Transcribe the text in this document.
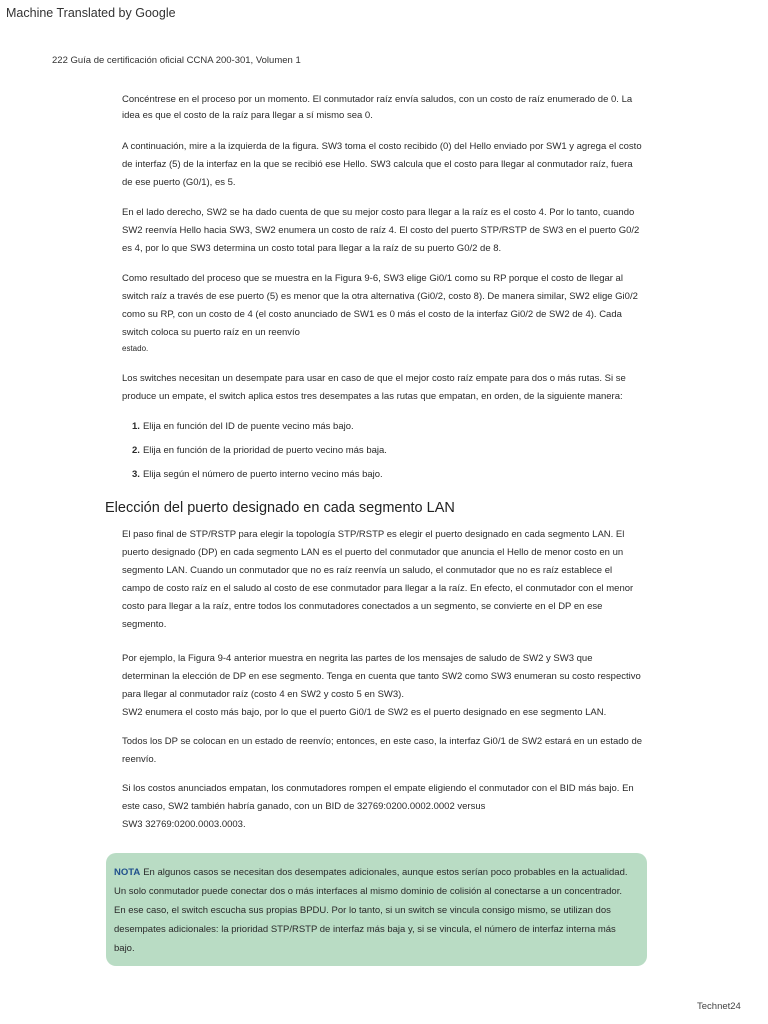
Machine Translated by Google
222 Guía de certificación oficial CCNA 200-301, Volumen 1

Concéntrese en el proceso por un momento. El conmutador raíz envía saludos, con un costo de raíz enumerado de 0. La idea es que el costo de la raíz para llegar a sí mismo sea 0.

A continuación, mire a la izquierda de la figura. SW3 toma el costo recibido (0) del Hello enviado por SW1 y agrega el costo de interfaz (5) de la interfaz en la que se recibió ese Hello. SW3 calcula que el costo para llegar al conmutador raíz, fuera de ese puerto (G0/1), es 5.

En el lado derecho, SW2 se ha dado cuenta de que su mejor costo para llegar a la raíz es el costo 4. Por lo tanto, cuando SW2 reenvía Hello hacia SW3, SW2 enumera un costo de raíz 4. El costo del puerto STP/RSTP de SW3 en el puerto G0/2 es 4, por lo que SW3 determina un costo total para llegar a la raíz de su puerto G0/2 de 8.

Como resultado del proceso que se muestra en la Figura 9-6, SW3 elige Gi0/1 como su RP porque el costo de llegar al switch raíz a través de ese puerto (5) es menor que la otra alternativa (Gi0/2, costo 8). De manera similar, SW2 elige Gi0/2 como su RP, con un costo de 4 (el costo anunciado de SW1 es 0 más el costo de la interfaz Gi0/2 de SW2 de 4). Cada switch coloca su puerto raíz en un reenvío

estado.

Los switches necesitan un desempate para usar en caso de que el mejor costo raíz empate para dos o más rutas. Si se produce un empate, el switch aplica estos tres desempates a las rutas que empatan, en orden, de la siguiente manera:

1. Elija en función del ID de puente vecino más bajo.
2. Elija en función de la prioridad de puerto vecino más baja.
3. Elija según el número de puerto interno vecino más bajo.
Elección del puerto designado en cada segmento LAN

El paso final de STP/RSTP para elegir la topología STP/RSTP es elegir el puerto designado en cada segmento LAN. El puerto designado (DP) en cada segmento LAN es el puerto del conmutador que anuncia el Hello de menor costo en un segmento LAN. Cuando un conmutador que no es raíz reenvía un saludo, el conmutador que no es raíz establece el campo de costo raíz en el saludo al costo de ese conmutador para llegar a la raíz. En efecto, el conmutador con el menor costo para llegar a la raíz, entre todos los conmutadores conectados a un segmento, se convierte en el DP en ese segmento.

Por ejemplo, la Figura 9-4 anterior muestra en negrita las partes de los mensajes de saludo de SW2 y SW3 que determinan la elección de DP en ese segmento. Tenga en cuenta que tanto SW2 como SW3 enumeran su costo respectivo para llegar al conmutador raíz (costo 4 en SW2 y costo 5 en SW3).

SW2 enumera el costo más bajo, por lo que el puerto Gi0/1 de SW2 es el puerto designado en ese segmento LAN.

Todos los DP se colocan en un estado de reenvío; entonces, en este caso, la interfaz Gi0/1 de SW2 estará en un estado de reenvío.

Si los costos anunciados empatan, los conmutadores rompen el empate eligiendo el conmutador con el BID más bajo. En este caso, SW2 también habría ganado, con un BID de 32769:0200.0002.0002 versus

SW3 32769:0200.0003.0003.

NOTA En algunos casos se necesitan dos desempates adicionales, aunque estos serían poco probables en la actualidad. Un solo conmutador puede conectar dos o más interfaces al mismo dominio de colisión al conectarse a un concentrador. En ese caso, el switch escucha sus propias BPDU. Por lo tanto, si un switch se vincula consigo mismo, se utilizan dos desempates adicionales: la prioridad STP/RSTP de interfaz más baja y, si se vincula, el número de interfaz interna más bajo.

Technet24
